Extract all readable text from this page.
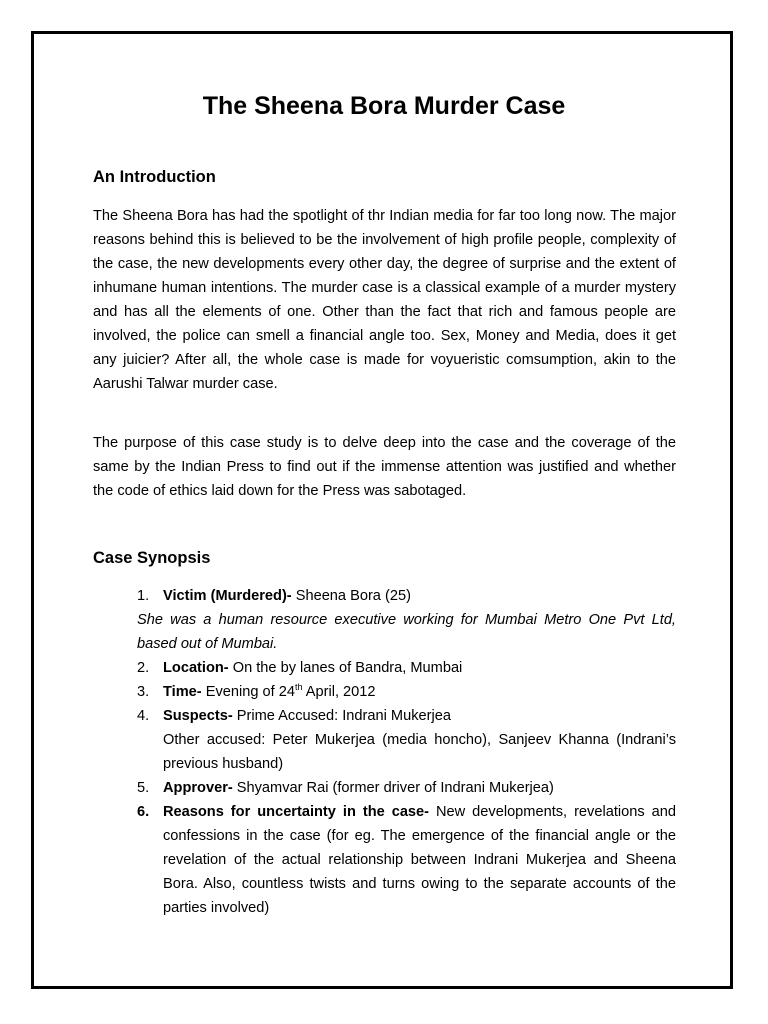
The Sheena Bora Murder Case
An Introduction

The Sheena Bora has had the spotlight of thr Indian media for far too long now. The major reasons behind this is believed to be the involvement of high profile people, complexity of the case, the new developments every other day, the degree of surprise and the extent of inhumane human intentions. The murder case is a classical example of a murder mystery and has all the elements of one. Other than the fact that rich and famous people are involved, the police can smell a financial angle too. Sex, Money and Media, does it get any juicier? After all, the whole case is made for voyueristic comsumption, akin to the Aarushi Talwar murder case.

The purpose of this case study is to delve deep into the case and the coverage of the same by the Indian Press to find out if the immense attention was justified and whether the code of ethics laid down for the Press was sabotaged.

Case Synopsis
1. Victim (Murdered)- Sheena Bora (25)
She was a human resource executive working for Mumbai Metro One Pvt Ltd, based out of Mumbai.
2. Location- On the by lanes of Bandra, Mumbai
3. Time- Evening of 24th April, 2012
4. Suspects- Prime Accused: Indrani Mukerjea
Other accused: Peter Mukerjea (media honcho), Sanjeev Khanna (Indrani’s previous husband)
5. Approver- Shyamvar Rai (former driver of Indrani Mukerjea)
6. Reasons for uncertainty in the case- New developments, revelations and confessions in the case (for eg. The emergence of the financial angle or the revelation of the actual relationship between Indrani Mukerjea and Sheena Bora. Also, countless twists and turns owing to the separate accounts of the parties involved)
